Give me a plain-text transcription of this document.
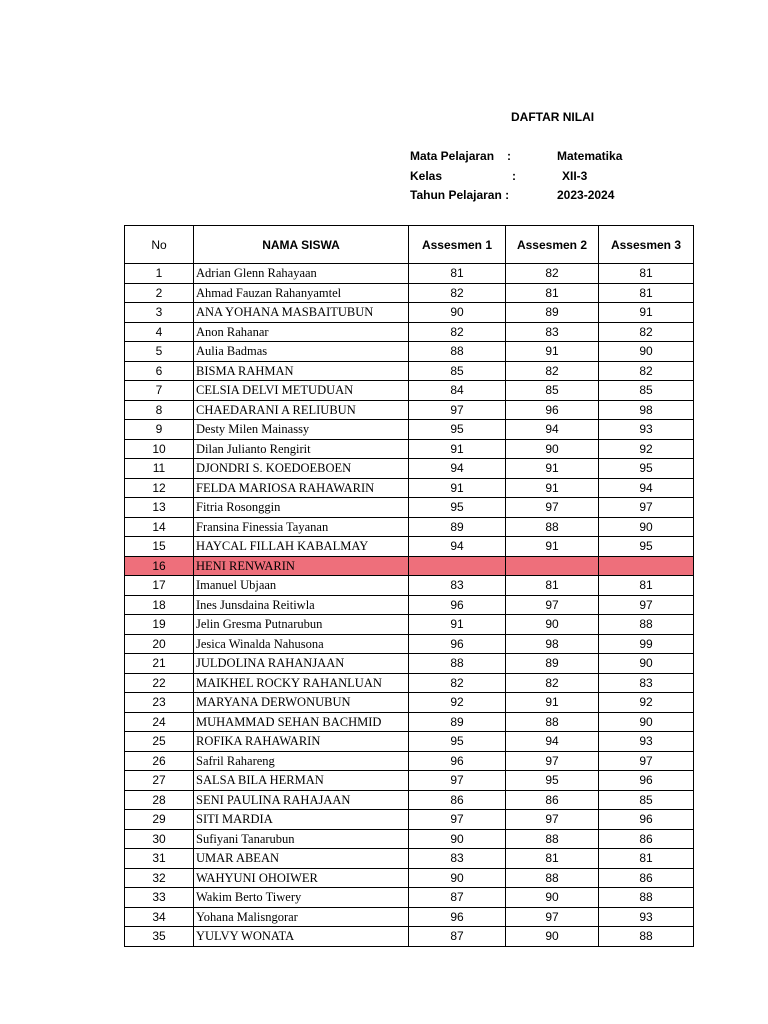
DAFTAR NILAI
Mata Pelajaran :	Matematika
Kelas	:	XII-3
Tahun Pelajaran :	2023-2024
No	NAMA SISWA	Assesmen 1	Assesmen 2	Assesmen 3
1	Adrian Glenn Rahayaan	81	82	81
2	Ahmad Fauzan Rahanyamtel	82	81	81
3	ANA YOHANA MASBAITUBUN	90	89	91
4	Anon Rahanar	82	83	82
5	Aulia Badmas	88	91	90
6	BISMA RAHMAN	85	82	82
7	CELSIA DELVI METUDUAN	84	85	85
8	CHAEDARANI A RELIUBUN	97	96	98
9	Desty Milen Mainassy	95	94	93
10	Dilan Julianto Rengirit	91	90	92
11	DJONDRI S. KOEDOEBOEN	94	91	95
12	FELDA MARIOSA RAHAWARIN	91	91	94
13	Fitria Rosonggin	95	97	97
14	Fransina Finessia Tayanan	89	88	90
15	HAYCAL FILLAH KABALMAY	94	91	95
16	HENI RENWARIN			
17	Imanuel Ubjaan	83	81	81
18	Ines Junsdaina Reitiwla	96	97	97
19	Jelin Gresma Putnarubun	91	90	88
20	Jesica Winalda Nahusona	96	98	99
21	JULDOLINA RAHANJAAN	88	89	90
22	MAIKHEL ROCKY RAHANLUAN	82	82	83
23	MARYANA DERWONUBUN	92	91	92
24	MUHAMMAD SEHAN BACHMID	89	88	90
25	ROFIKA RAHAWARIN	95	94	93
26	Safril Rahareng	96	97	97
27	SALSA BILA HERMAN	97	95	96
28	SENI PAULINA RAHAJAAN	86	86	85
29	SITI MARDIA	97	97	96
30	Sufiyani Tanarubun	90	88	86
31	UMAR ABEAN	83	81	81
32	WAHYUNI OHOIWER	90	88	86
33	Wakim Berto Tiwery	87	90	88
34	Yohana Malisngorar	96	97	93
35	YULVY WONATA	87	90	88
